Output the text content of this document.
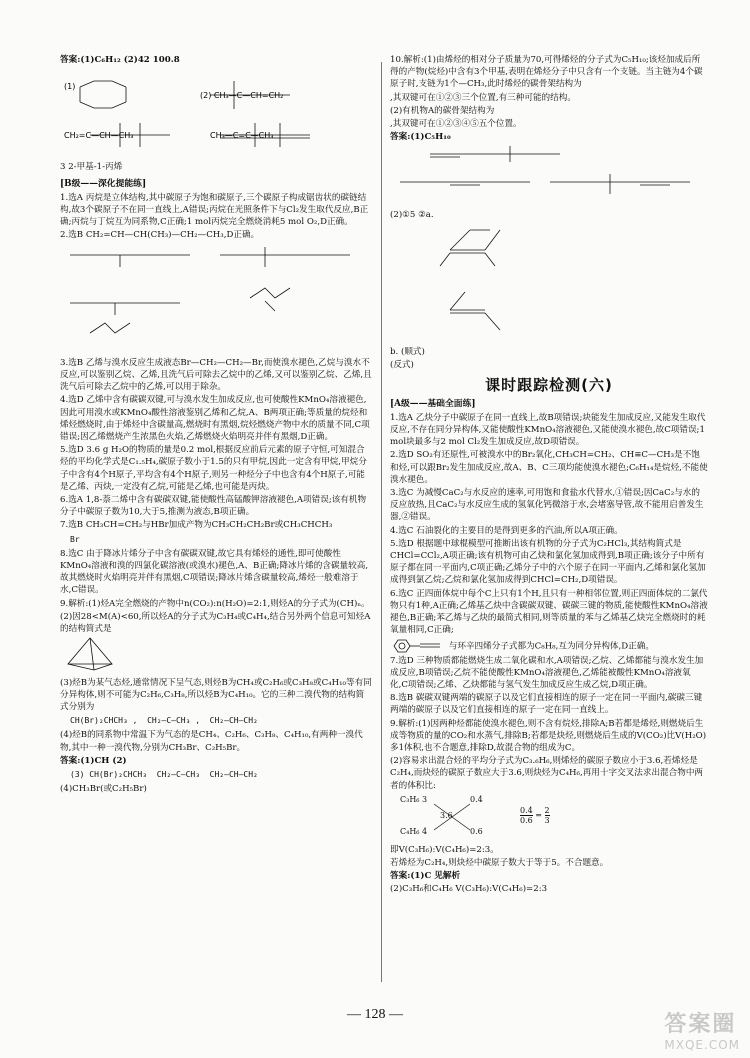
答案:(1)C₆H₁₂ (2)42 100.8

(1)
(2) CH₃—C—CH=CH₂
CH₂=C—CH—CH₃	CH₃—C=C—CH₃

3 2-甲基-1-丙烯

[B级——深化提能练]

1.选A 丙烷是立体结构,其中碳原子为饱和碳原子,三个碳原子构成锯齿状的碳链结构,故3个碳原子不在同一直线上,A错误;丙烷在光照条件下与Cl₂发生取代反应,B正确;丙烷与丁烷互为同系物,C正确;1 mol丙烷完全燃烧消耗5 mol O₂,D正确。

2.选B CH₂=CH—CH(CH₃)—CH₂—CH₃,D正确。

3.选B 乙烯与溴水反应生成液态Br—CH₂—CH₂—Br,而使溴水褪色,乙烷与溴水不反应,可以鉴别乙烷、乙烯,且洗气后可除去乙烷中的乙烯,又可以鉴别乙烷、乙烯,且洗气后可除去乙烷中的乙烯,可以用于除杂。

4.选D 乙烯中含有碳碳双键,可与溴水发生加成反应,也可使酸性KMnO₄溶液褪色,因此可用溴水或KMnO₄酸性溶液鉴别乙烯和乙烷,A、B两项正确;等质量的烷烃和烯烃燃烧时,由于烯烃中含碳量高,燃烧时有黑烟,烷烃燃烧产物中水的质量不同,C项错误;因乙烯燃烧产生浓黑色火焰,乙烯燃烧火焰明亮并伴有黑烟,D正确。

5.选D 3.6 g H₂O的物质的量是0.2 mol,根据反应前后元素的原子守恒,可知混合烃的平均化学式是C₁.₅H₄,碳原子数小于1.5的只有甲烷,因此一定含有甲烷,甲烷分子中含有4个H原子,平均含有4个H原子,则另一种烃分子中也含有4个H原子,可能是乙烯、丙炔,一定没有乙烷,可能是乙烯,也可能是丙炔。

6.选A 1,8-萘二烯中含有碳碳双键,能使酸性高锰酸钾溶液褪色,A项错误;该有机物分子中碳原子数为10,大于5,推测为液态,B项正确。

7.选B CH₃CH=CH₂与HBr加成产物为CH₃CH₂CH₂Br或CH₃CHCH₃

Br

8.选C 由于降冰片烯分子中含有碳碳双键,故它具有烯烃的通性,即可使酸性KMnO₄溶液和溴的四氯化碳溶液(或溴水)褪色,A、B正确;降冰片烯的含碳量较高,故其燃烧时火焰明亮并伴有黑烟,C项错误;降冰片烯含碳量较高,烯烃一般难溶于水,C错误。

9.解析:(1)烃A完全燃烧的产物中n(CO₂):n(H₂O)=2:1,则烃A的分子式为(CH)ₙ。

(2)因28<M(A)<60,所以烃A的分子式为C₃H₄或C₄H₄,结合另外两个信息可知烃A的结构简式是

(3)烃B为某气态烃,通常情况下呈气态,则烃B为CH₄或C₂H₆或C₃H₈或C₄H₁₀等有同分异构体,则不可能为C₂H₆,C₃H₈,所以烃B为C₄H₁₀。它的三种二溴代物的结构简式分别为

CH(Br)₂CHCH₃ ,  CH₂—C—CH₃ ,  CH₂—CH—CH₂

(4)烃B的同系物中常温下为气态的是CH₄、C₂H₆、C₃H₈、C₄H₁₀,有两种一溴代物,其中一种一溴代物,分别为CH₃Br、C₂H₅Br。

答案:(1)CH (2)

(3) CH(Br)₂CHCH₃  CH₂—C—CH₃  CH₂—CH—CH₂

(4)CH₃Br(或C₂H₅Br)

10.解析:(1)由烯烃的相对分子质量为70,可得烯烃的分子式为C₅H₁₀;该烃加成后所得的产物(烷烃)中含有3个甲基,表明在烯烃分子中只含有一个支链。当主链为4个碳原子时,支链为1个—CH₃,此时烯烃的碳骨架结构为

,其双键可在①②③三个位置,有三种可能的结构。

(2)有机物A的碳骨架结构为

,其双键可在①②③④⑤五个位置。

答案:(1)C₅H₁₀

(2)①5 ②a.

b. (顺式)

(反式)

课时跟踪检测(六)

[A级——基础全面练]

1.选A 乙炔分子中碳原子在同一直线上,故B项错误;块能发生加成反应,又能发生取代反应,不存在同分异构体,又能使酸性KMnO₄溶液褪色,又能使溴水褪色,故C项错误;1 mol块最多与2 mol Cl₂发生加成反应,故D项错误。

2.选D SO₂有还原性,可被溴水中的Br₂氧化,CH₃CH=CH₂、CH≡C—CH₃是不饱和烃,可以跟Br₂发生加成反应,故A、B、C三项均能使溴水褪色;C₆H₁₄是烷烃,不能使溴水褪色。

3.选C 为减慢CaC₂与水反应的速率,可用饱和食盐水代替水,①错误;因CaC₂与水的反应放热,且CaC₂与水反应生成的氢氧化钙微溶于水,会堵塞导管,故不能用启普发生器,②错误。

4.选C 石油裂化的主要目的是得到更多的汽油,所以A项正确。

5.选D 根据题中球棍模型可推断出该有机物的分子式为C₂HCl₃,其结构简式是CHCl=CCl₂,A项正确;该有机物可由乙炔和氯化氢加成得到,B项正确;该分子中所有原子都在同一平面内,C项正确;乙烯分子中的六个原子在同一平面内,乙烯和氯化氢加成得到氯乙烷;乙烷和氯化氢加成得到CHCl=CH₂,D项错误。

6.选C 正四面体烷中每个C上只有1个H,且只有一种相邻位置,则正四面体烷的二氯代物只有1种,A正确;乙烯基乙炔中含碳碳双键、碳碳三键的物质,能使酸性KMnO₄溶液褪色,B正确;苯乙烯与乙炔的最简式相同,则等质量的苯与乙烯基乙炔完全燃烧时的耗氧量相同,C正确;

与环辛四烯分子式都为C₈H₈,互为同分异构体,D正确。

7.选D 三种物质都能燃烧生成二氧化碳和水,A项错误;乙烷、乙烯都能与溴水发生加成反应,B项错误;乙烷不能使酸性KMnO₄溶液褪色,乙烯能被酸性KMnO₄溶液氧化,C项错误;乙烯、乙炔都能与氢气发生加成反应生成乙烷,D项正确。

8.选B 碳碳双键两端的碳原子以及它们直接相连的原子一定在同一平面内,碳碳三键两端的碳原子以及它们直接相连的原子一定在同一直线上。

9.解析:(1)因两种烃都能使溴水褪色,则不含有烷烃,排除A;B若都是烯烃,则燃烧后生成等物质的量的CO₂和水蒸气,排除B;若都是炔烃,则燃烧后生成的V(CO₂)比V(H₂O)多1体积,也不合题意,排除D,故混合物的组成为C。

(2)容易求出混合烃的平均分子式为C₃.₆H₆,则烯烃的碳原子数应小于3.6,若烯烃是C₂H₄,而炔烃的碳原子数应大于3.6,则炔烃为C₄H₆,再用十字交叉法求出混合物中两者的体积比:

C₃H₆ 3	0.4
3.6
C₄H₆ 4	0.6
$\frac{0.4}{0.6} = \frac{2}{3}$

即V(C₃H₆):V(C₄H₆)=2:3。

若烯烃为C₂H₄,则炔烃中碳原子数大于等于5。不合题意。

答案:(1)C 见解析

(2)C₃H₆和C₄H₆ V(C₃H₆):V(C₄H₆)=2:3

— 128 —	答案圈
MXQE.COM
